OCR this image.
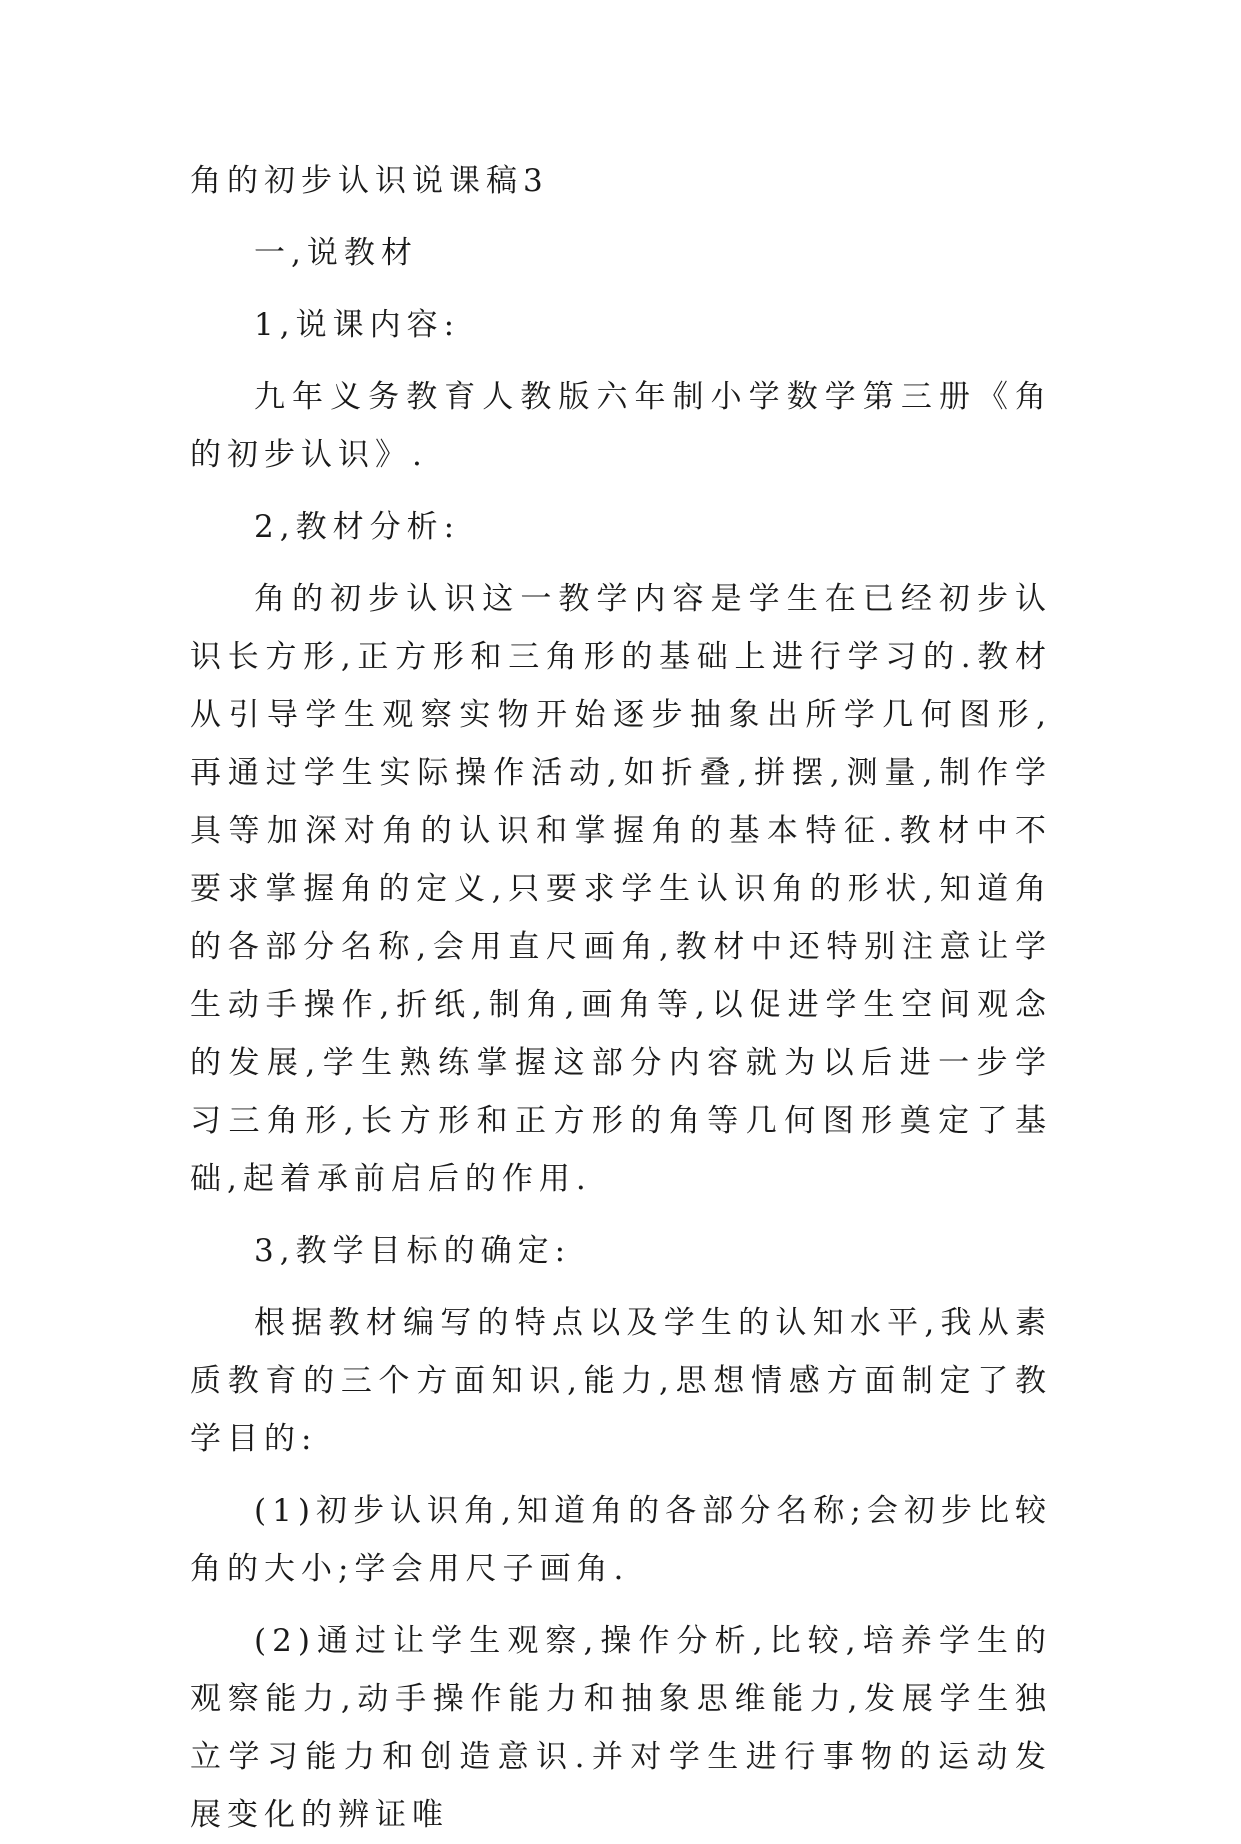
角的初步认识说课稿3

一,说教材

1,说课内容:

九年义务教育人教版六年制小学数学第三册《角的初步认识》.

2,教材分析:

角的初步认识这一教学内容是学生在已经初步认识长方形,正方形和三角形的基础上进行学习的.教材从引导学生观察实物开始逐步抽象出所学几何图形,再通过学生实际操作活动,如折叠,拼摆,测量,制作学具等加深对角的认识和掌握角的基本特征.教材中不要求掌握角的定义,只要求学生认识角的形状,知道角的各部分名称,会用直尺画角,教材中还特别注意让学生动手操作,折纸,制角,画角等,以促进学生空间观念的发展,学生熟练掌握这部分内容就为以后进一步学习三角形,长方形和正方形的角等几何图形奠定了基础,起着承前启后的作用.

3,教学目标的确定:

根据教材编写的特点以及学生的认知水平,我从素质教育的三个方面知识,能力,思想情感方面制定了教学目的:

(1)初步认识角,知道角的各部分名称;会初步比较角的大小;学会用尺子画角.

(2)通过让学生观察,操作分析,比较,培养学生的观察能力,动手操作能力和抽象思维能力,发展学生独立学习能力和创造意识.并对学生进行事物的运动发展变化的辨证唯
